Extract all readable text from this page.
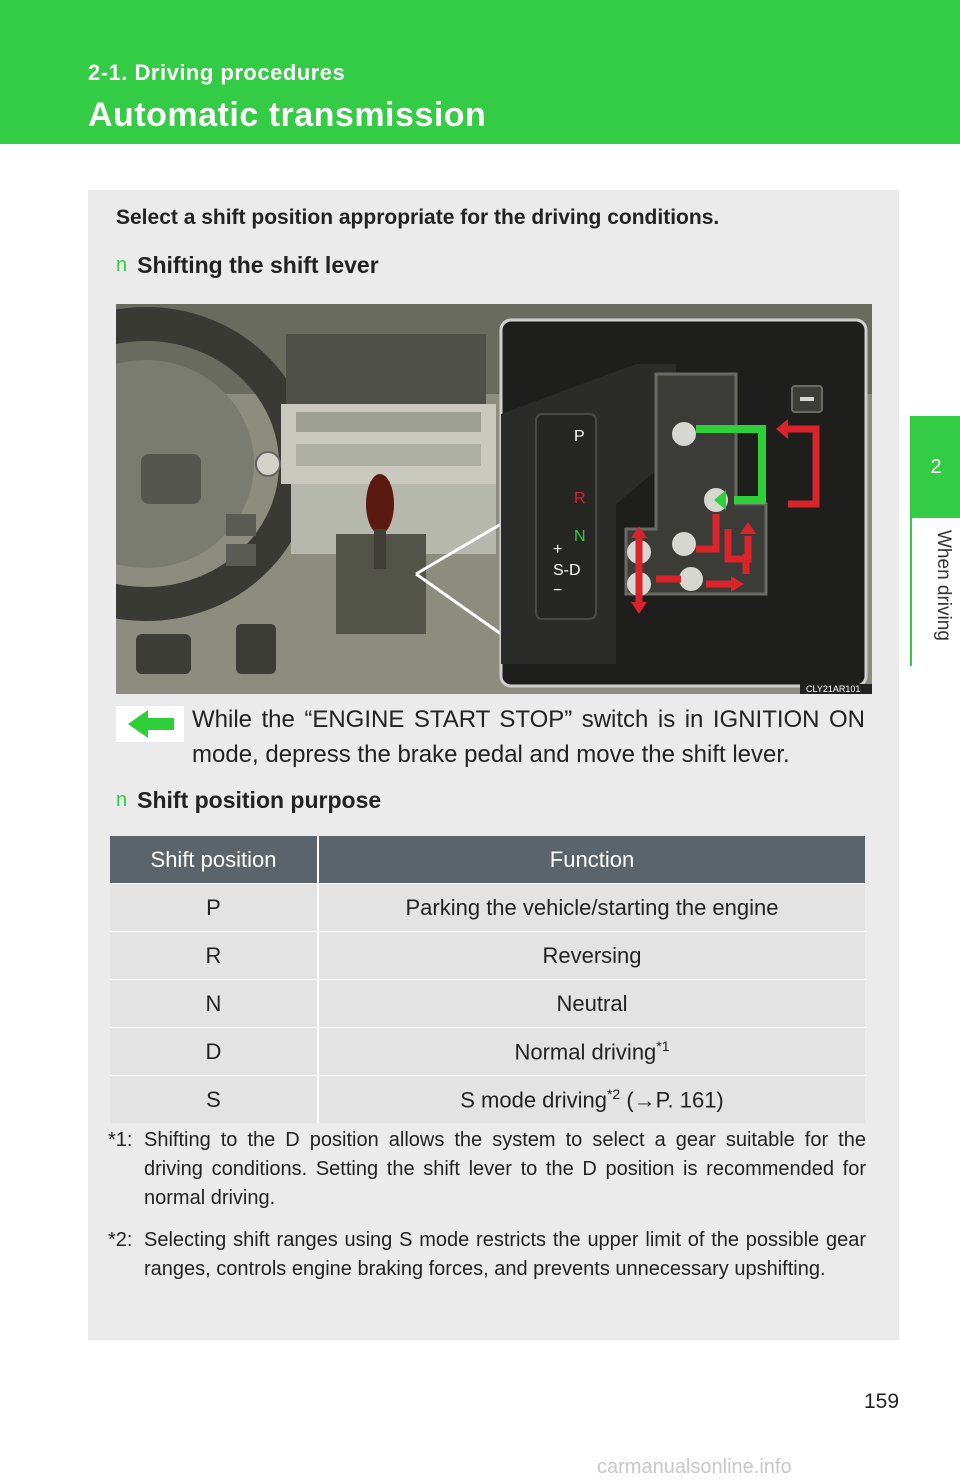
2-1. Driving procedures
Automatic transmission
2
When driving
Select a shift position appropriate for the driving conditions.
n Shifting the shift lever
P
R
N
+
S-D
−
CLY21AR101
While the “ENGINE START STOP” switch is in IGNITION ON mode, depress the brake pedal and move the shift lever.
n Shift position purpose
Shift position	Function
P	Parking the vehicle/starting the engine
R	Reversing
N	Neutral
D	Normal driving$^{*1}$
S	S mode driving$^{*2}$ (→P. 161)
*1: Shifting to the D position allows the system to select a gear suitable for the driving conditions. Setting the shift lever to the D position is recommended for normal driving.
*2: Selecting shift ranges using S mode restricts the upper limit of the possible gear ranges, controls engine braking forces, and prevents unnecessary upshifting.
159
carmanualsonline.info
